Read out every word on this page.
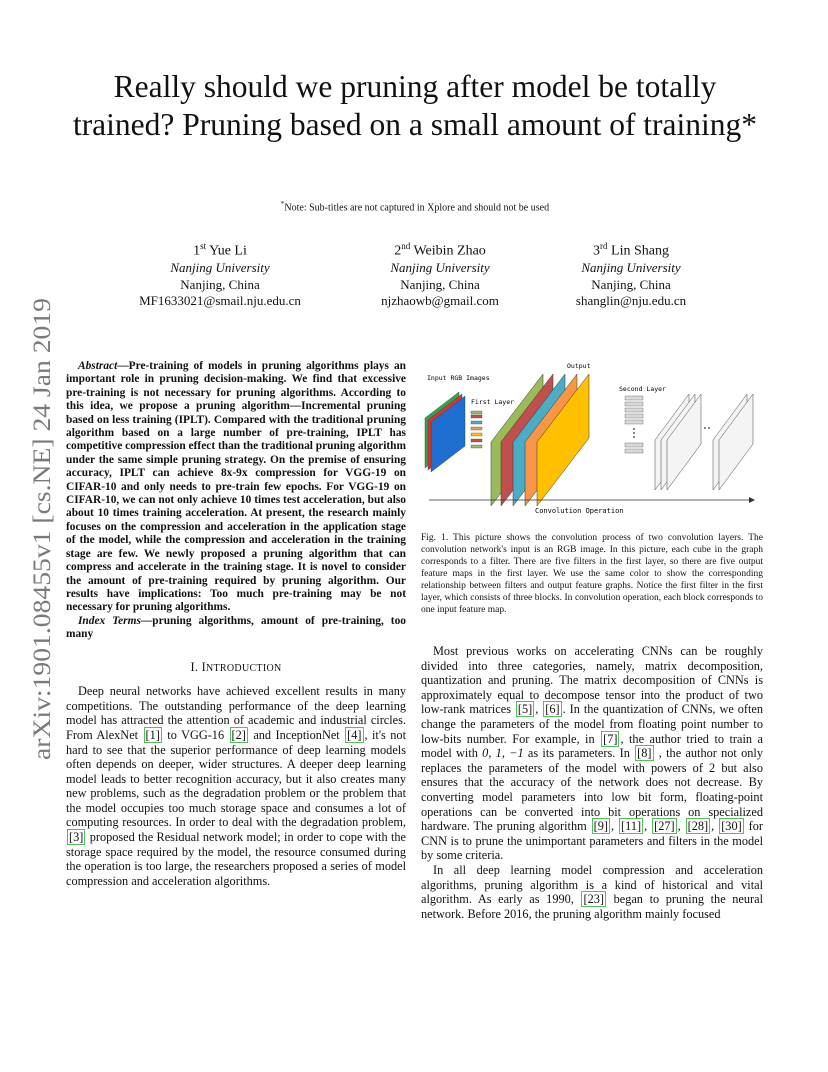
arXiv:1901.08455v1 [cs.NE] 24 Jan 2019
Really should we pruning after model be totally trained? Pruning based on a small amount of training*
*Note: Sub-titles are not captured in Xplore and should not be used
1st Yue Li
Nanjing University
Nanjing, China
MF1633021@smail.nju.edu.cn
2nd Weibin Zhao
Nanjing University
Nanjing, China
njzhaowb@gmail.com
3rd Lin Shang
Nanjing University
Nanjing, China
shanglin@nju.edu.cn

Abstract—Pre-training of models in pruning algorithms plays an important role in pruning decision-making. We find that excessive pre-training is not necessary for pruning algorithms. According to this idea, we propose a pruning algorithm—Incremental pruning based on less training (IPLT). Compared with the traditional pruning algorithm based on a large number of pre-training, IPLT has competitive compression effect than the traditional pruning algorithm under the same simple pruning strategy. On the premise of ensuring accuracy, IPLT can achieve 8x-9x compression for VGG-19 on CIFAR-10 and only needs to pre-train few epochs. For VGG-19 on CIFAR-10, we can not only achieve 10 times test acceleration, but also about 10 times training acceleration. At present, the research mainly focuses on the compression and acceleration in the application stage of the model, while the compression and acceleration in the training stage are few. We newly proposed a pruning algorithm that can compress and accelerate in the training stage. It is novel to consider the amount of pre-training required by pruning algorithm. Our results have implications: Too much pre-training may be not necessary for pruning algorithms.

Index Terms—pruning algorithms, amount of pre-training, too many

I. INTRODUCTION

Deep neural networks have achieved excellent results in many competitions. The outstanding performance of the deep learning model has attracted the attention of academic and industrial circles. From AlexNet [1] to VGG-16 [2] and InceptionNet [4] , it's not hard to see that the superior performance of deep learning models often depends on deeper, wider structures. A deeper deep learning model leads to better recognition accuracy, but it also creates many new problems, such as the degradation problem or the problem that the model occupies too much storage space and consumes a lot of computing resources. In order to deal with the degradation problem, [3] proposed the Residual network model; in order to cope with the storage space required by the model, the resource consumed during the operation is too large, the researchers proposed a series of model compression and acceleration algorithms.

Input RGB Images
First Layer
Output
Second Layer
Convolution Operation

Fig. 1. This picture shows the convolution process of two convolution layers. The convolution network's input is an RGB image. In this picture, each cube in the graph corresponds to a filter. There are five filters in the first layer, so there are five output feature maps in the first layer. We use the same color to show the corresponding relationship between filters and output feature graphs. Notice the first filter in the first layer, which consists of three blocks. In convolution operation, each block corresponds to one input feature map.

Most previous works on accelerating CNNs can be roughly divided into three categories, namely, matrix decomposition, quantization and pruning. The matrix decomposition of CNNs is approximately equal to decompose tensor into the product of two low-rank matrices [5] , [6] . In the quantization of CNNs, we often change the parameters of the model from floating point number to low-bits number. For example, in [7] , the author tried to train a model with 0, 1, −1 as its parameters. In [8] , the author not only replaces the parameters of the model with powers of 2 but also ensures that the accuracy of the network does not decrease. By converting model parameters into low bit form, floating-point operations can be converted into bit operations on specialized hardware. The pruning algorithm [9] , [11] , [27] , [28] , [30] for CNN is to prune the unimportant parameters and filters in the model by some criteria.

In all deep learning model compression and acceleration algorithms, pruning algorithm is a kind of historical and vital algorithm. As early as 1990, [23] began to pruning the neural network. Before 2016, the pruning algorithm mainly focused
